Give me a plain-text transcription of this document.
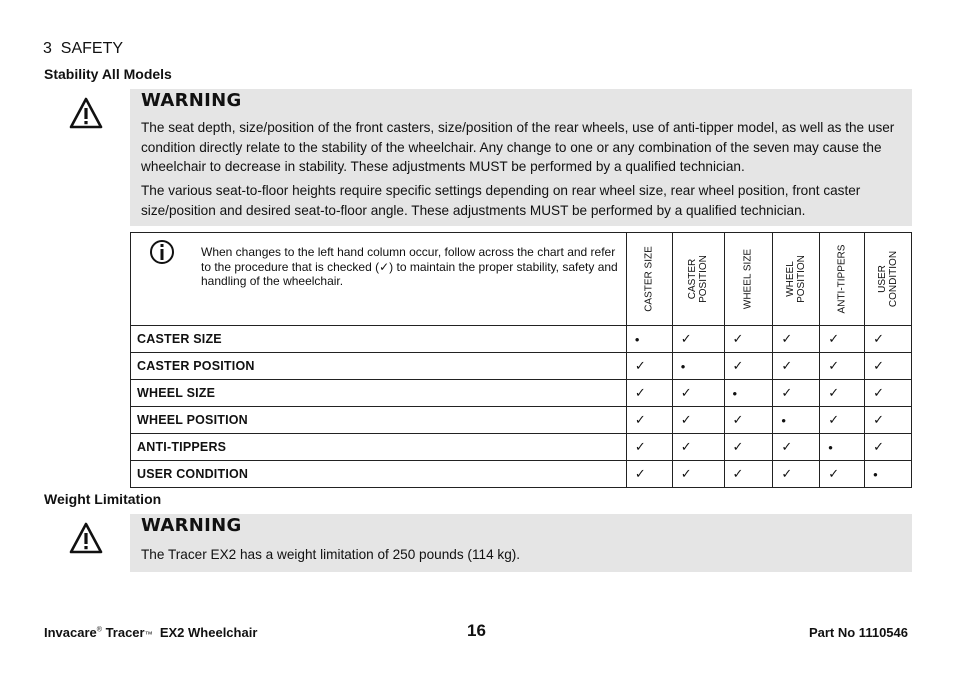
3 SAFETY
Stability All Models
WARNING
The seat depth, size/position of the front casters, size/position of the rear wheels, use of anti-tipper model, as well as the user condition directly relate to the stability of the wheelchair. Any change to one or any combination of the seven may cause the wheelchair to decrease in stability. These adjustments MUST be performed by a qualified technician.
The various seat-to-floor heights require specific settings depending on rear wheel size, rear wheel position, front caster size/position and desired seat-to-floor angle. These adjustments MUST be performed by a qualified technician.
When changes to the left hand column occur, follow across the chart and refer to the procedure that is checked (✓) to maintain the proper stability, safety and handling of the wheelchair.	CASTER SIZE	CASTER POSITION	WHEEL SIZE	WHEEL POSITION	ANTI-TIPPERS	USER CONDITION

CASTER SIZE	•	✓	✓	✓	✓	✓
CASTER POSITION	✓	•	✓	✓	✓	✓
WHEEL SIZE	✓	✓	•	✓	✓	✓
WHEEL POSITION	✓	✓	✓	•	✓	✓
ANTI-TIPPERS	✓	✓	✓	✓	•	✓
USER CONDITION	✓	✓	✓	✓	✓	•
Weight Limitation
WARNING
The Tracer EX2 has a weight limitation of 250 pounds (114 kg).
Invacare® Tracer™ EX2 Wheelchair	16	Part No 1110546
